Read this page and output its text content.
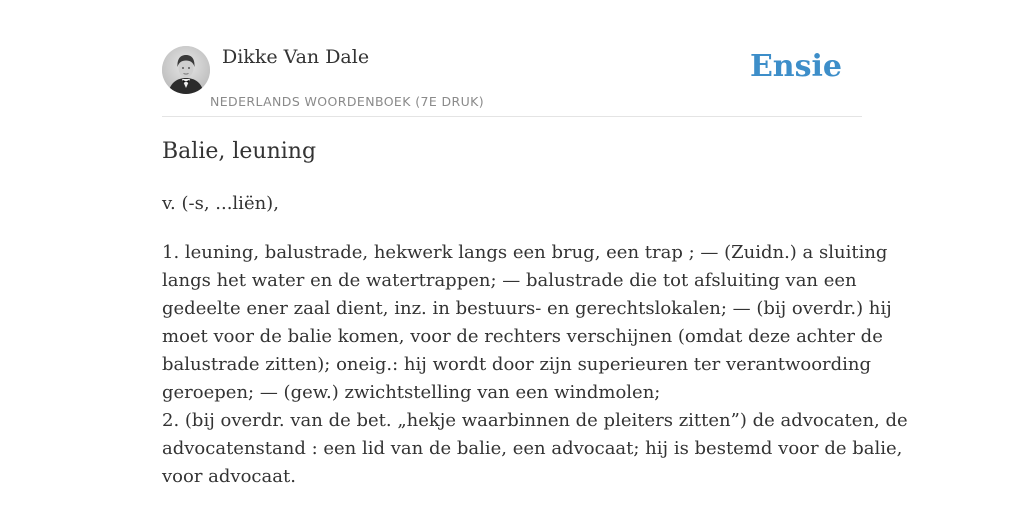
Dikke Van Dale
NEDERLANDS WOORDENBOEK (7E DRUK)
Ensie
Balie, leuning
v. (-s, ...liën),
1. leuning, balustrade, hekwerk langs een brug, een trap ; — (Zuidn.) a sluiting
langs het water en de watertrappen; — balustrade die tot afsluiting van een
gedeelte ener zaal dient, inz. in bestuurs- en gerechtslokalen; — (bij overdr.) hij
moet voor de balie komen, voor de rechters verschijnen (omdat deze achter de
balustrade zitten); oneig.: hij wordt door zijn superieuren ter verantwoording
geroepen; — (gew.) zwichtstelling van een windmolen;
2. (bij overdr. van de bet. „hekje waarbinnen de pleiters zitten”) de advocaten, de
advocatenstand : een lid van de balie, een advocaat; hij is bestemd voor de balie,
voor advocaat.
